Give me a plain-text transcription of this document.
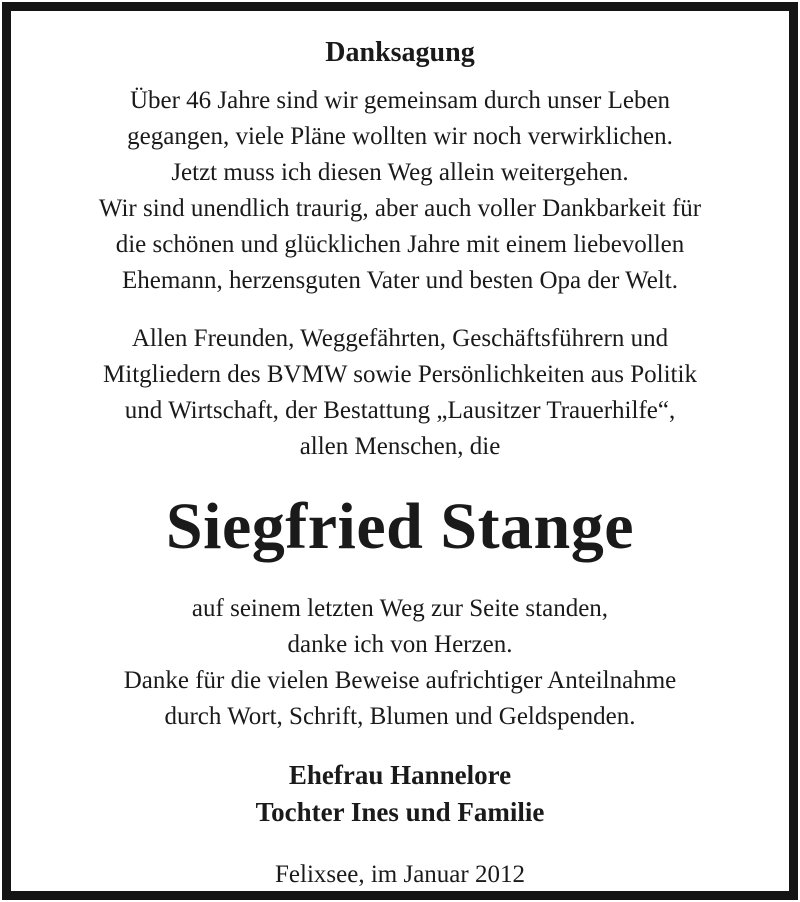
Danksagung
Über 46 Jahre sind wir gemeinsam durch unser Leben
gegangen, viele Pläne wollten wir noch verwirklichen.
Jetzt muss ich diesen Weg allein weitergehen.
Wir sind unendlich traurig, aber auch voller Dankbarkeit für
die schönen und glücklichen Jahre mit einem liebevollen
Ehemann, herzensguten Vater und besten Opa der Welt.
Allen Freunden, Weggefährten, Geschäftsführern und
Mitgliedern des BVMW sowie Persönlichkeiten aus Politik
und Wirtschaft, der Bestattung „Lausitzer Trauerhilfe“,
allen Menschen, die
Siegfried Stange
auf seinem letzten Weg zur Seite standen,
danke ich von Herzen.
Danke für die vielen Beweise aufrichtiger Anteilnahme
durch Wort, Schrift, Blumen und Geldspenden.
Ehefrau Hannelore
Tochter Ines und Familie
Felixsee, im Januar 2012
